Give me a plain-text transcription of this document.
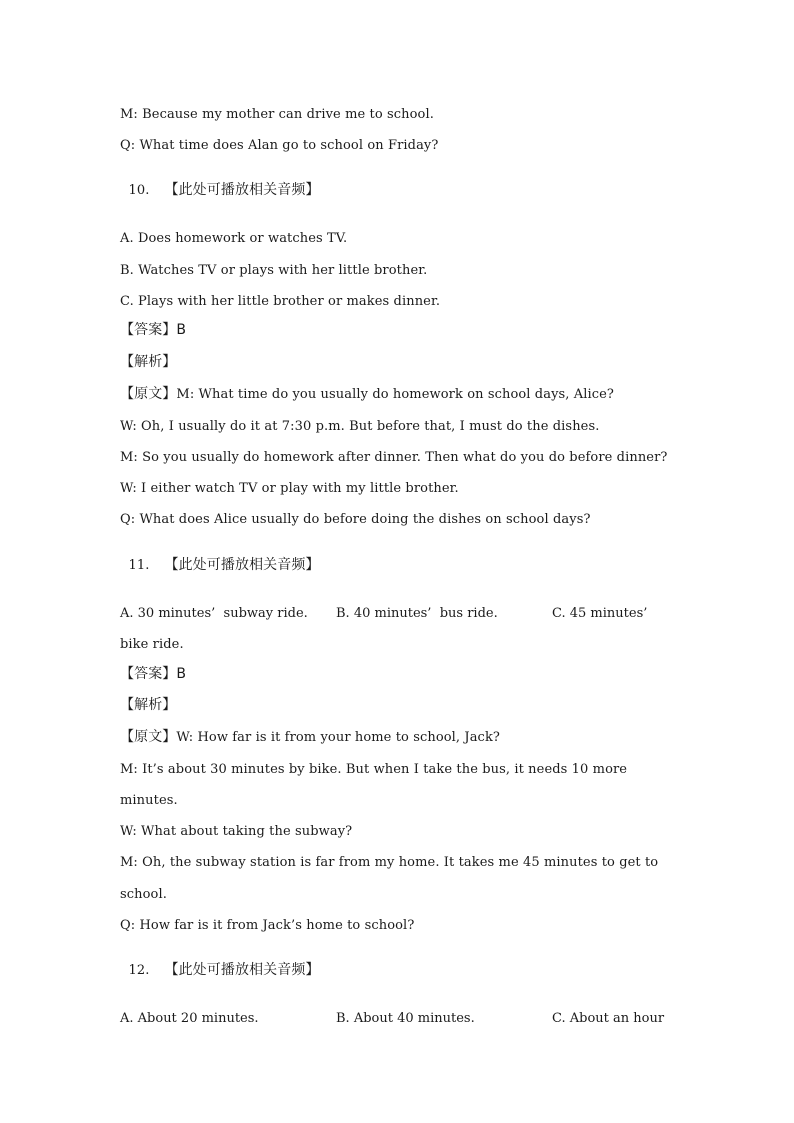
M: Because my mother can drive me to school.
Q: What time does Alan go to school on Friday?

10. 【此处可播放相关音频】

A. Does homework or watches TV.
B. Watches TV or plays with her little brother.
C. Plays with her little brother or makes dinner.
【答案】B
【解析】
【原文】M: What time do you usually do homework on school days, Alice?
W: Oh, I usually do it at 7:30 p.m. But before that, I must do the dishes.
M: So you usually do homework after dinner. Then what do you do before dinner?
W: I either watch TV or play with my little brother.
Q: What does Alice usually do before doing the dishes on school days?

11. 【此处可播放相关音频】

A. 30 minutes’  subway ride. B. 40 minutes’  bus ride.	C. 45 minutes’
bike ride.
【答案】B
【解析】
【原文】W: How far is it from your home to school, Jack?
M: It’s about 30 minutes by bike. But when I take the bus, it needs 10 more
minutes.
W: What about taking the subway?
M: Oh, the subway station is far from my home. It takes me 45 minutes to get to
school.
Q: How far is it from Jack’s home to school?

12. 【此处可播放相关音频】

A. About 20 minutes.	B. About 40 minutes.	C. About an hour
